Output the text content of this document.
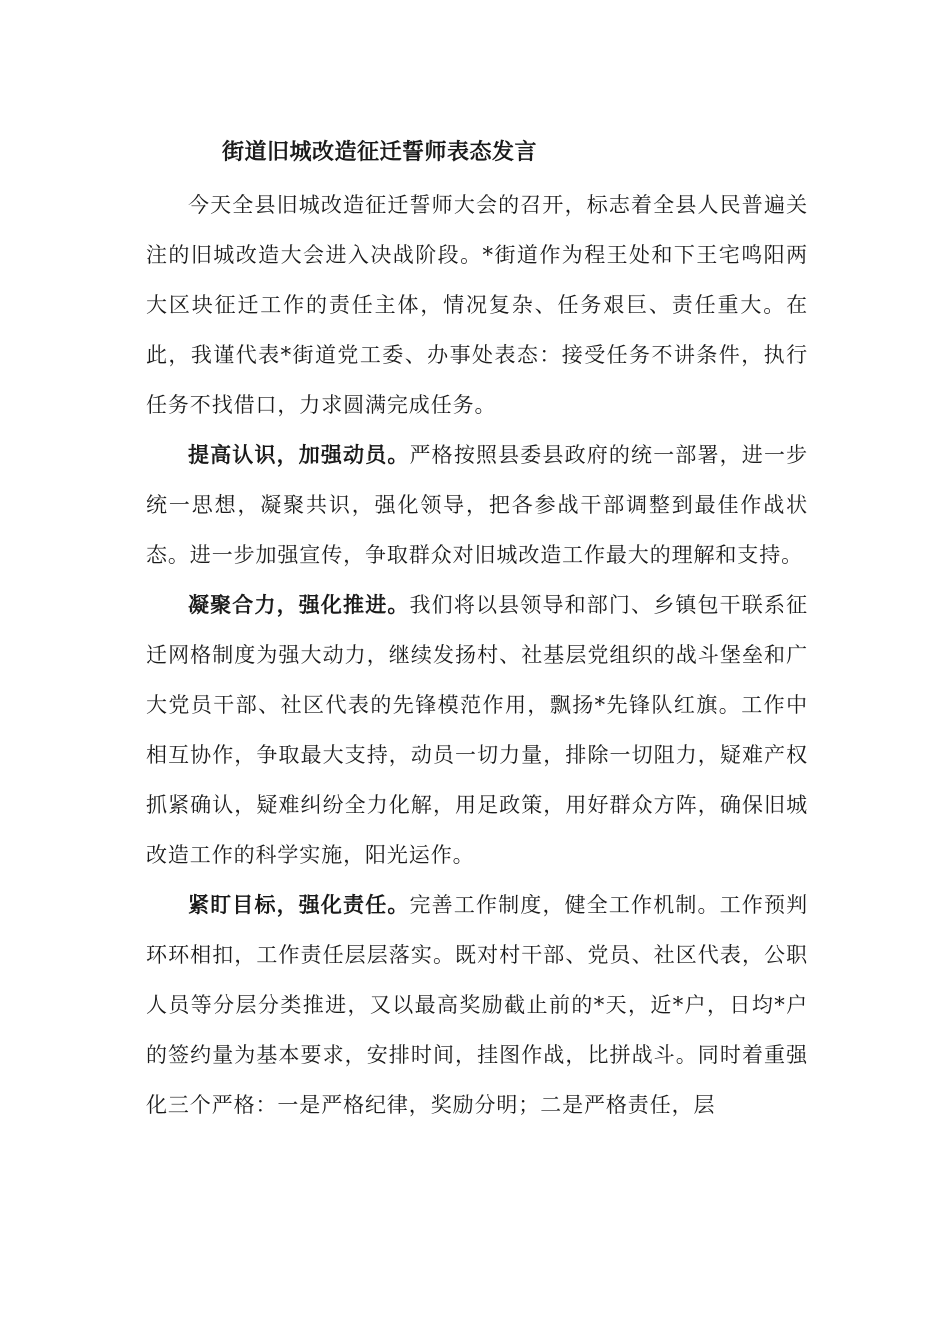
街道旧城改造征迁誓师表态发言

今天全县旧城改造征迁誓师大会的召开，标志着全县人民普遍关注的旧城改造大会进入决战阶段。*街道作为程王处和下王宅鸣阳两大区块征迁工作的责任主体，情况复杂、任务艰巨、责任重大。在此，我谨代表*街道党工委、办事处表态：接受任务不讲条件，执行任务不找借口，力求圆满完成任务。

提高认识，加强动员。严格按照县委县政府的统一部署，进一步统一思想，凝聚共识，强化领导，把各参战干部调整到最佳作战状态。进一步加强宣传，争取群众对旧城改造工作最大的理解和支持。

凝聚合力，强化推进。我们将以县领导和部门、乡镇包干联系征迁网格制度为强大动力，继续发扬村、社基层党组织的战斗堡垒和广大党员干部、社区代表的先锋模范作用，飘扬*先锋队红旗。工作中相互协作，争取最大支持，动员一切力量，排除一切阻力，疑难产权抓紧确认，疑难纠纷全力化解，用足政策，用好群众方阵，确保旧城改造工作的科学实施，阳光运作。

紧盯目标，强化责任。完善工作制度，健全工作机制。工作预判环环相扣，工作责任层层落实。既对村干部、党员、社区代表，公职人员等分层分类推进，又以最高奖励截止前的*天，近*户，日均*户的签约量为基本要求，安排时间，挂图作战，比拼战斗。同时着重强化三个严格：一是严格纪律，奖励分明；二是严格责任，层
